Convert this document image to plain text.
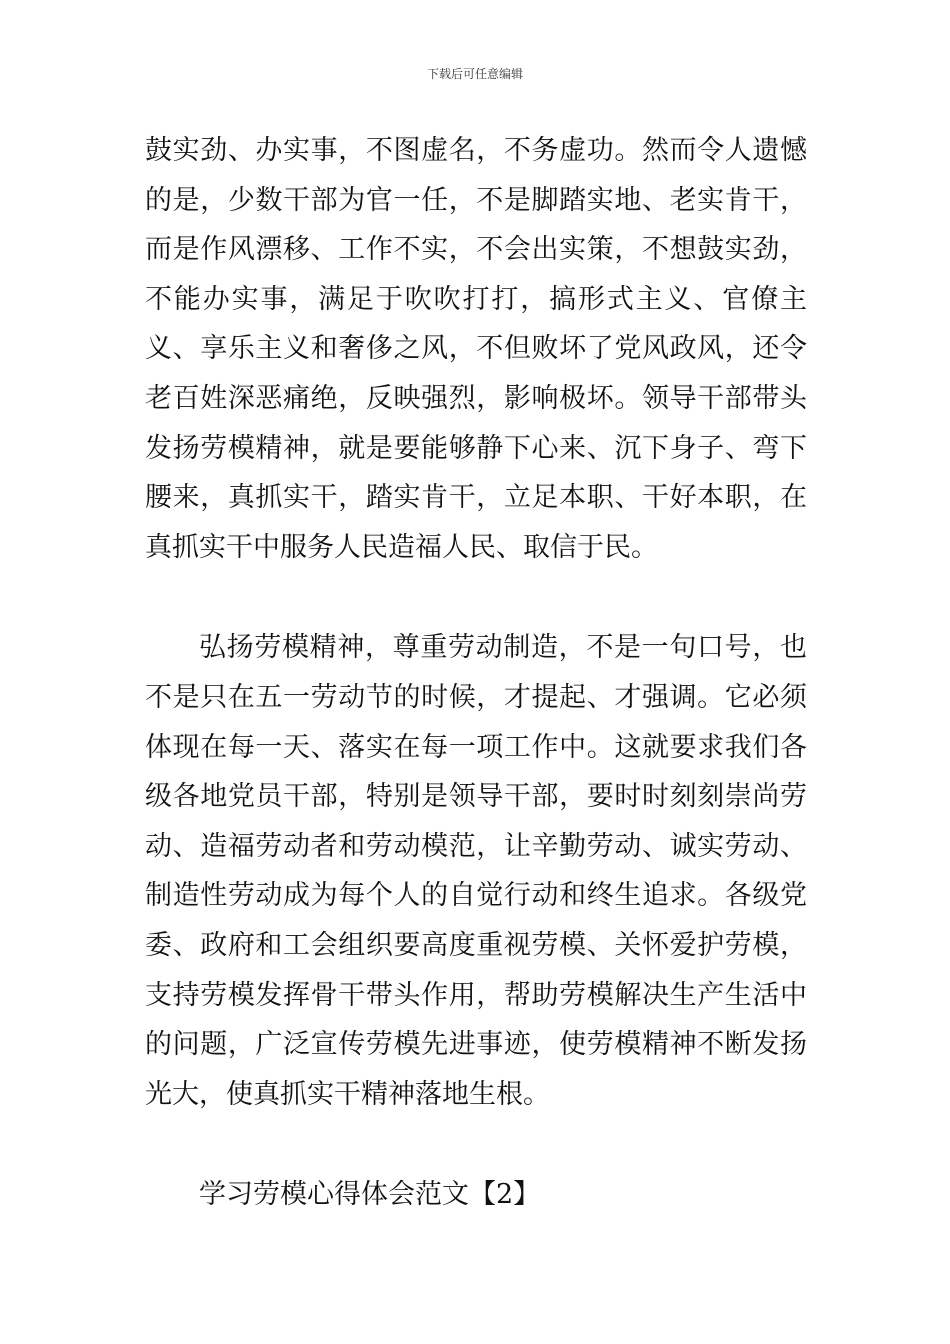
下载后可任意编辑

鼓实劲、办实事，不图虚名，不务虚功。然而令人遗憾的是，少数干部为官一任，不是脚踏实地、老实肯干，而是作风漂移、工作不实，不会出实策，不想鼓实劲，不能办实事，满足于吹吹打打，搞形式主义、官僚主义、享乐主义和奢侈之风，不但败坏了党风政风，还令老百姓深恶痛绝，反映强烈，影响极坏。领导干部带头发扬劳模精神，就是要能够静下心来、沉下身子、弯下腰来，真抓实干，踏实肯干，立足本职、干好本职，在真抓实干中服务人民造福人民、取信于民。

弘扬劳模精神，尊重劳动制造，不是一句口号，也不是只在五一劳动节的时候，才提起、才强调。它必须体现在每一天、落实在每一项工作中。这就要求我们各级各地党员干部，特别是领导干部，要时时刻刻崇尚劳动、造福劳动者和劳动模范，让辛勤劳动、诚实劳动、制造性劳动成为每个人的自觉行动和终生追求。各级党委、政府和工会组织要高度重视劳模、关怀爱护劳模，支持劳模发挥骨干带头作用，帮助劳模解决生产生活中的问题，广泛宣传劳模先进事迹，使劳模精神不断发扬光大，使真抓实干精神落地生根。

学习劳模心得体会范文【2】
